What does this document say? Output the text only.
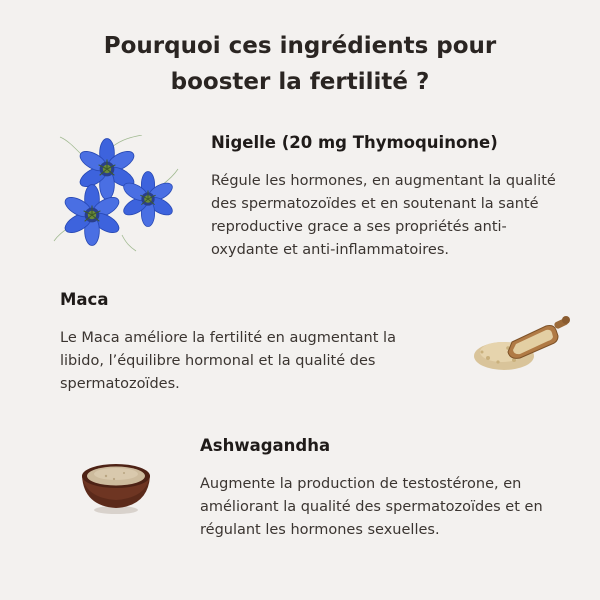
Pourquoi ces ingrédients pour
booster la fertilité ?
Nigelle (20 mg Thymoquinone)

Régule les hormones, en augmentant la qualité
des spermatozoïdes et en soutenant la santé
reproductive grace a ses propriétés anti-
oxydante et anti-inflammatoires.

Maca

Le Maca améliore la fertilité en augmentant la
libido, l’équilibre hormonal et la qualité des
spermatozoïdes.

Ashwagandha

Augmente la production de testostérone, en
améliorant la qualité des spermatozoïdes et en
régulant les hormones sexuelles.
